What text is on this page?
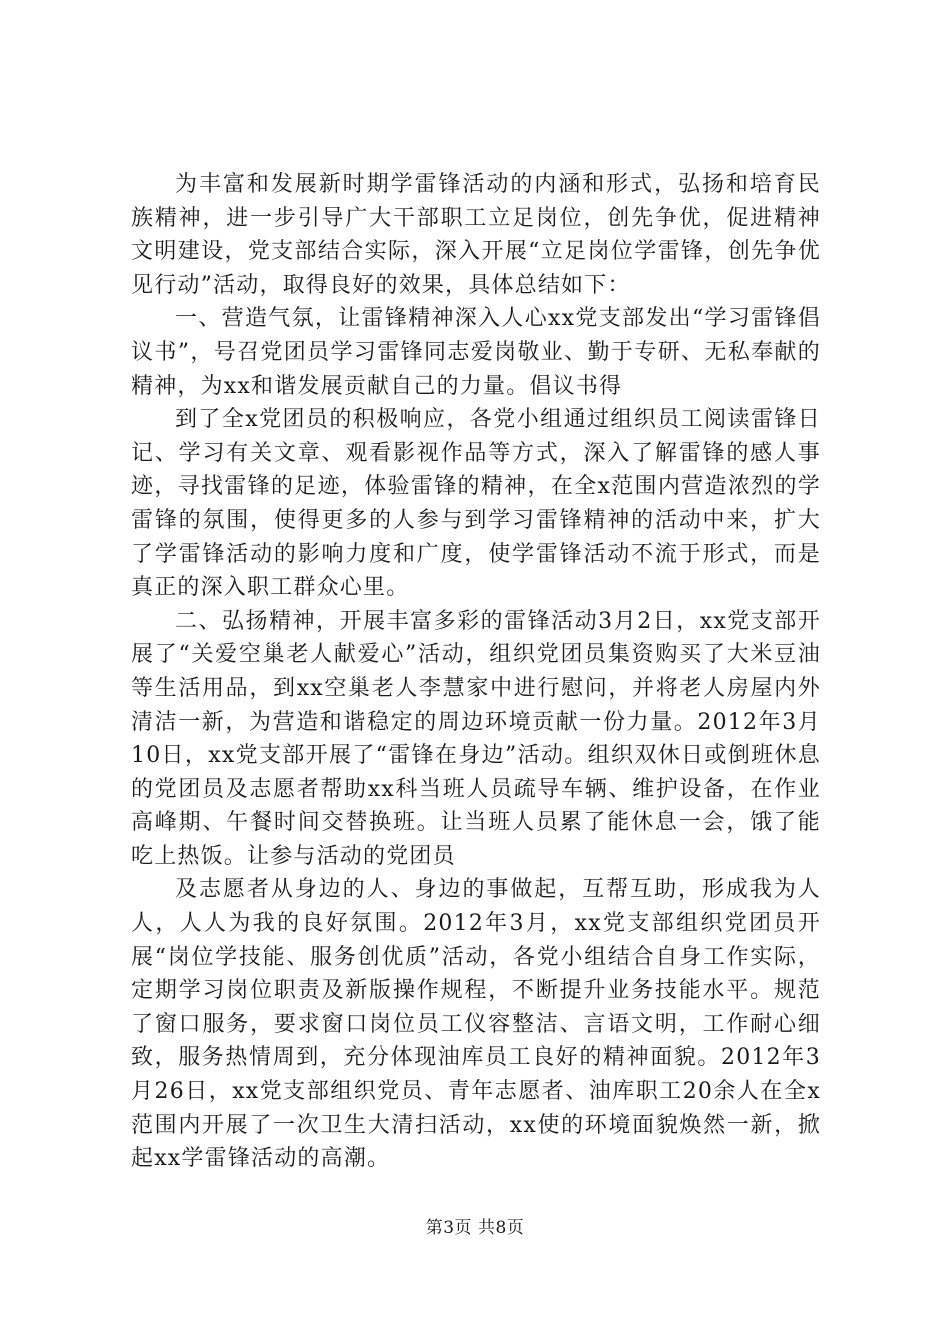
为丰富和发展新时期学雷锋活动的内涵和形式，弘扬和培育民族精神，进一步引导广大干部职工立足岗位，创先争优，促进精神文明建设，党支部结合实际，深入开展“立足岗位学雷锋，创先争优见行动”活动，取得良好的效果，具体总结如下：

一、营造气氛，让雷锋精神深入人心xx党支部发出“学习雷锋倡议书”，号召党团员学习雷锋同志爱岗敬业、勤于专研、无私奉献的精神，为xx和谐发展贡献自己的力量。倡议书得

到了全x党团员的积极响应，各党小组通过组织员工阅读雷锋日记、学习有关文章、观看影视作品等方式，深入了解雷锋的感人事迹，寻找雷锋的足迹，体验雷锋的精神，在全x范围内营造浓烈的学雷锋的氛围，使得更多的人参与到学习雷锋精神的活动中来，扩大了学雷锋活动的影响力度和广度，使学雷锋活动不流于形式，而是真正的深入职工群众心里。

二、弘扬精神，开展丰富多彩的雷锋活动3月2日，xx党支部开展了“关爱空巢老人献爱心”活动，组织党团员集资购买了大米豆油等生活用品，到xx空巢老人李慧家中进行慰问，并将老人房屋内外清洁一新，为营造和谐稳定的周边环境贡献一份力量。2012年3月10日，xx党支部开展了“雷锋在身边”活动。组织双休日或倒班休息的党团员及志愿者帮助xx科当班人员疏导车辆、维护设备，在作业高峰期、午餐时间交替换班。让当班人员累了能休息一会，饿了能吃上热饭。让参与活动的党团员

及志愿者从身边的人、身边的事做起，互帮互助，形成我为人人，人人为我的良好氛围。2012年3月，xx党支部组织党团员开展“岗位学技能、服务创优质”活动，各党小组结合自身工作实际，定期学习岗位职责及新版操作规程，不断提升业务技能水平。规范了窗口服务，要求窗口岗位员工仪容整洁、言语文明，工作耐心细致，服务热情周到，充分体现油库员工良好的精神面貌。2012年3月26日，xx党支部组织党员、青年志愿者、油库职工20余人在全x范围内开展了一次卫生大清扫活动，xx使的环境面貌焕然一新，掀起xx学雷锋活动的高潮。

第3页 共8页
